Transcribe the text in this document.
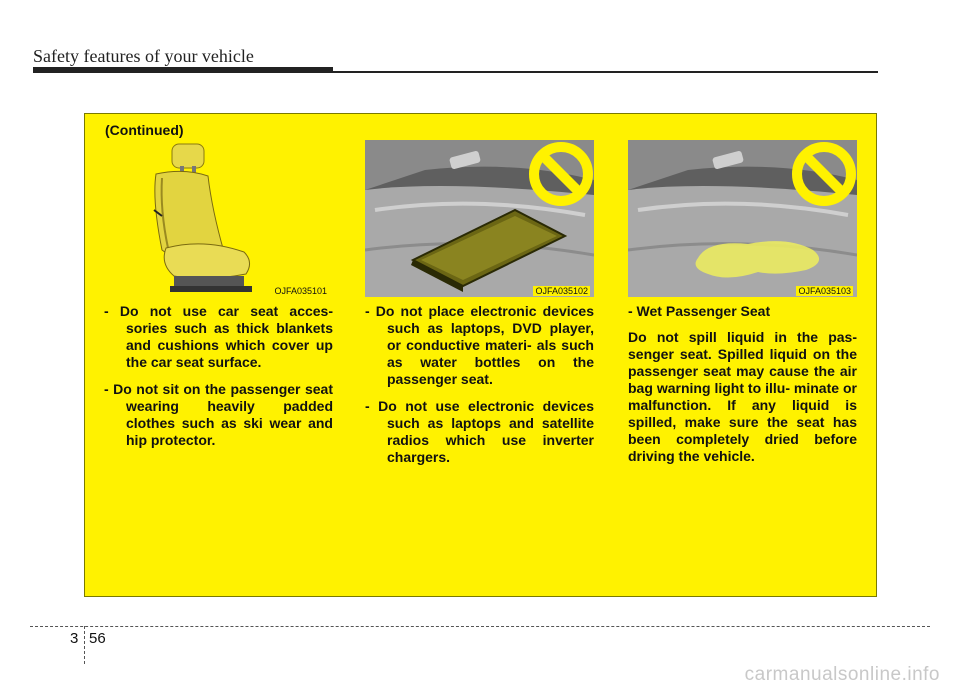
Safety features of your vehicle
(Continued)
OJFA035101	OJFA035102	OJFA035103

- Do not use car seat acces- sories such as thick blankets and cushions which cover up the car seat surface.

- Do not sit on the passenger seat wearing heavily padded clothes such as ski wear and hip protector.

- Do not place electronic devices such as laptops, DVD player, or conductive materi- als such as water bottles on the passenger seat.

- Do not use electronic devices such as laptops and satellite radios which use inverter chargers.

- Wet Passenger Seat

Do not spill liquid in the pas- senger seat. Spilled liquid on the passenger seat may cause the air bag warning light to illu- minate or malfunction. If any liquid is spilled, make sure the seat has been completely dried before driving the vehicle.

3 56
carmanualsonline.info
